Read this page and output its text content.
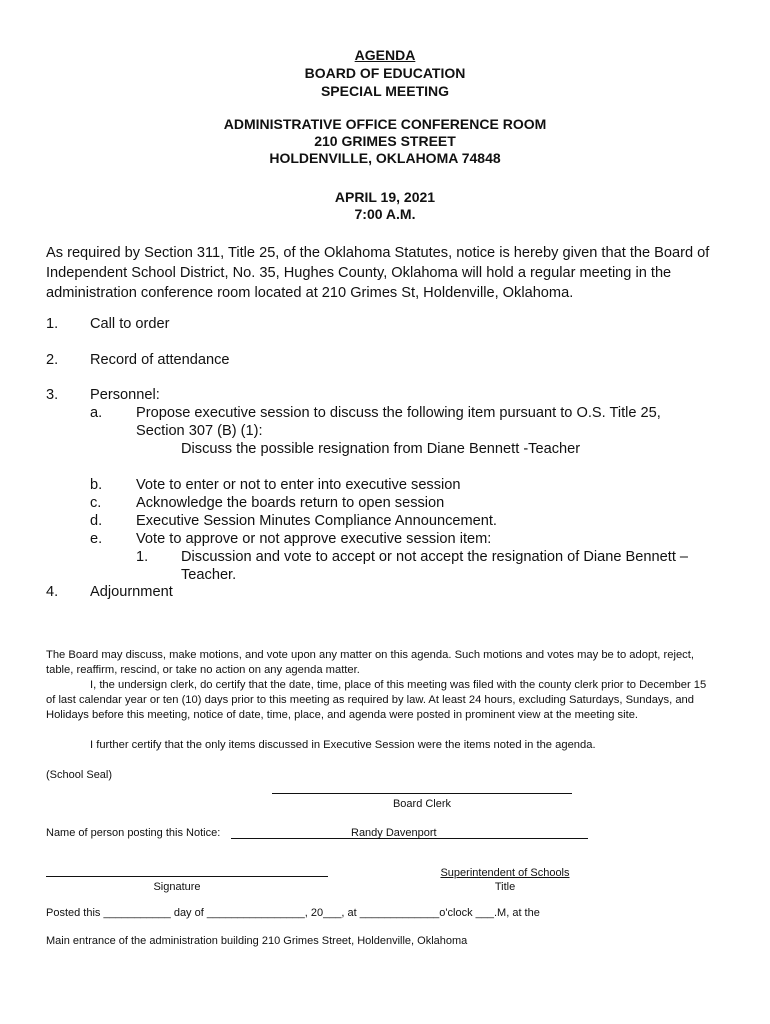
AGENDA
BOARD OF EDUCATION
SPECIAL MEETING
ADMINISTRATIVE OFFICE CONFERENCE ROOM
210 GRIMES STREET
HOLDENVILLE, OKLAHOMA 74848
APRIL 19, 2021
7:00 A.M.
As required by Section 311, Title 25, of the Oklahoma Statutes, notice is hereby given that the Board of Independent School District, No. 35, Hughes County, Oklahoma will hold a regular meeting in the administration conference room located at 210 Grimes St, Holdenville, Oklahoma.
1. Call to order
2. Record of attendance
3. Personnel:
a. Propose executive session to discuss the following item pursuant to O.S. Title 25,
Section 307 (B) (1):
Discuss the possible resignation from Diane Bennett -Teacher
b. Vote to enter or not to enter into executive session
c. Acknowledge the boards return to open session
d. Executive Session Minutes Compliance Announcement.
e. Vote to approve or not approve executive session item:
1. Discussion and vote to accept or not accept the resignation of Diane Bennett –
Teacher.
4. Adjournment
The Board may discuss, make motions, and vote upon any matter on this agenda. Such motions and votes may be to adopt, reject, table, reaffirm, rescind, or take no action on any agenda matter.
I, the undersign clerk, do certify that the date, time, place of this meeting was filed with the county clerk prior to December 15 of last calendar year or ten (10) days prior to this meeting as required by law. At least 24 hours, excluding Saturdays, Sundays, and Holidays before this meeting, notice of date, time, place, and agenda were posted in prominent view at the meeting site.
I further certify that the only items discussed in Executive Session were the items noted in the agenda.
(School Seal)
Board Clerk
Name of person posting this Notice:	Randy Davenport
Signature
Superintendent of Schools
Title
Posted this ___________ day of ________________, 20___, at _____________o'clock ___.M, at the
Main entrance of the administration building 210 Grimes Street, Holdenville, Oklahoma
